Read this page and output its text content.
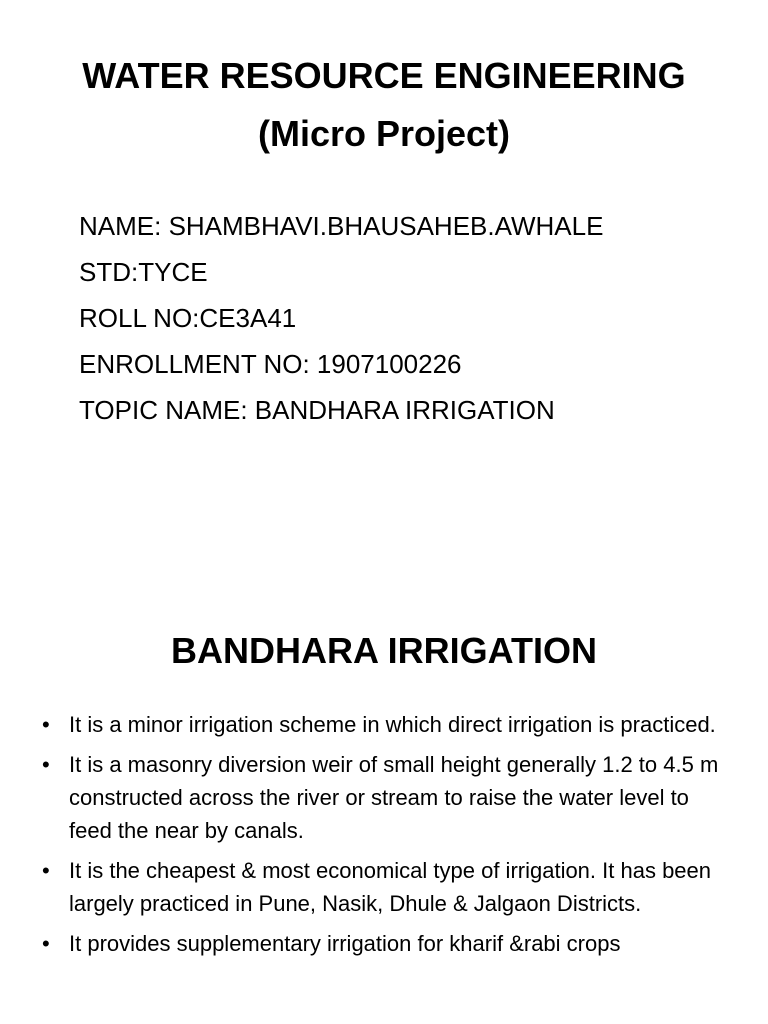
WATER RESOURCE ENGINEERING
(Micro Project)
NAME: SHAMBHAVI.BHAUSAHEB.AWHALE
STD:TYCE
ROLL NO:CE3A41
ENROLLMENT NO: 1907100226
TOPIC NAME: BANDHARA IRRIGATION
BANDHARA IRRIGATION
• It is a minor irrigation scheme in which direct irrigation is practiced.
• It is a masonry diversion weir of small height generally 1.2 to 4.5 m constructed across the river or stream to raise the water level to feed the near by canals.
• It is the cheapest & most economical type of irrigation. It has been largely practiced in Pune, Nasik, Dhule & Jalgaon Districts.
• It provides supplementary irrigation for kharif &rabi crops
